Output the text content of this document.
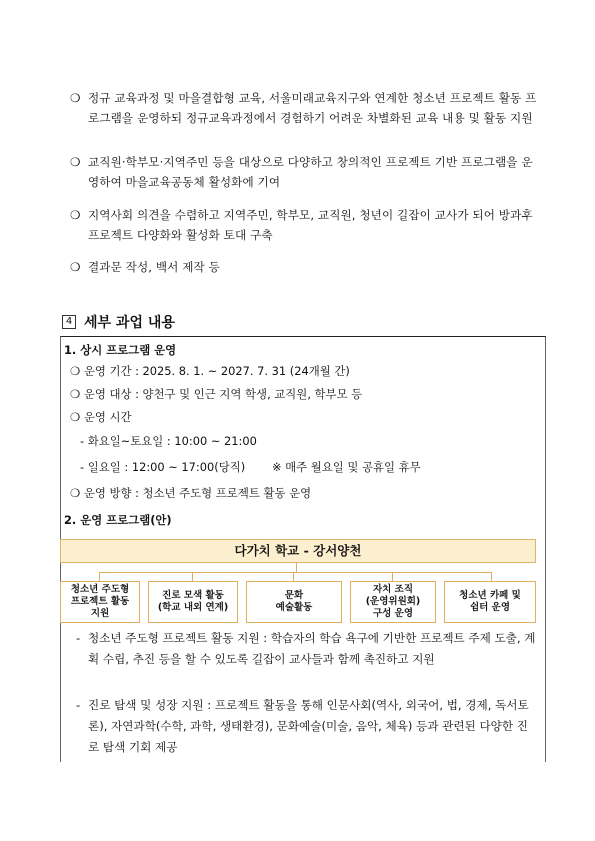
❍ 정규 교육과정 및 마을결합형 교육, 서울미래교육지구와 연계한 청소년 프로젝트 활동 프로그램을 운영하되 정규교육과정에서 경험하기 어려운 차별화된 교육 내용 및 활동 지원
❍ 교직원·학부모·지역주민 등을 대상으로 다양하고 창의적인 프로젝트 기반 프로그램을 운영하여 마을교육공동체 활성화에 기여
❍ 지역사회 의견을 수렴하고 지역주민, 학부모, 교직원, 청년이 길잡이 교사가 되어 방과후 프로젝트 다양화와 활성화 토대 구축
❍ 결과문 작성, 백서 제작 등
4 세부 과업 내용
1. 상시 프로그램 운영
❍ 운영 기간 : 2025. 8. 1. ~ 2027. 7. 31 (24개월 간)
❍ 운영 대상 : 양천구 및 인근 지역 학생, 교직원, 학부모 등
❍ 운영 시간
- 화요일~토요일 : 10:00 ~ 21:00
- 일요일 : 12:00 ~ 17:00(당직) ※ 매주 월요일 및 공휴일 휴무
❍ 운영 방향 : 청소년 주도형 프로젝트 활동 운영
2. 운영 프로그램(안)
다가치 학교 - 강서양천
청소년 주도형
프로젝트 활동
지원
진로 모색 활동
(학교 내외 연계)
문화
예술활동
자치 조직
(운영위원회)
구성 운영
청소년 카페 및
쉼터 운영
- 청소년 주도형 프로젝트 활동 지원 : 학습자의 학습 욕구에 기반한 프로젝트 주제 도출, 계획 수립, 추진 등을 할 수 있도록 길잡이 교사들과 함께 촉진하고 지원
- 진로 탐색 및 성장 지원 : 프로젝트 활동을 통해 인문사회(역사, 외국어, 법, 경제, 독서토론), 자연과학(수학, 과학, 생태환경), 문화예술(미술, 음악, 체육) 등과 관련된 다양한 진로 탐색 기회 제공
